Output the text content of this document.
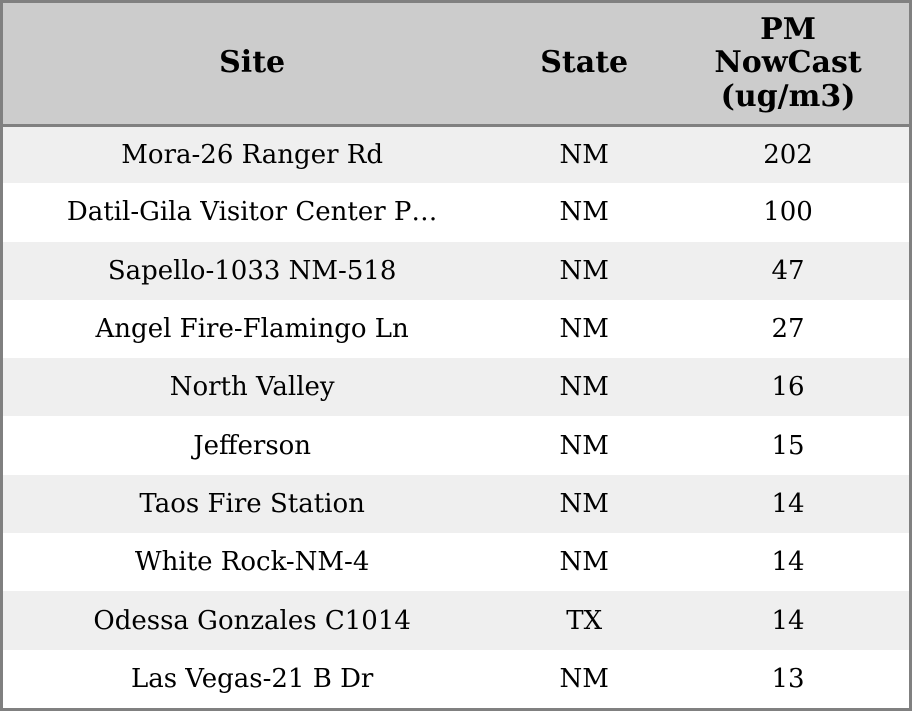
Site	State	PM
NowCast
(ug/m3)

Mora-26 Ranger Rd	NM	202
Datil-Gila Visitor Center P…	NM	100
Sapello-1033 NM-518	NM	47
Angel Fire-Flamingo Ln	NM	27
North Valley	NM	16
Jefferson	NM	15
Taos Fire Station	NM	14
White Rock-NM-4	NM	14
Odessa Gonzales C1014	TX	14
Las Vegas-21 B Dr	NM	13
